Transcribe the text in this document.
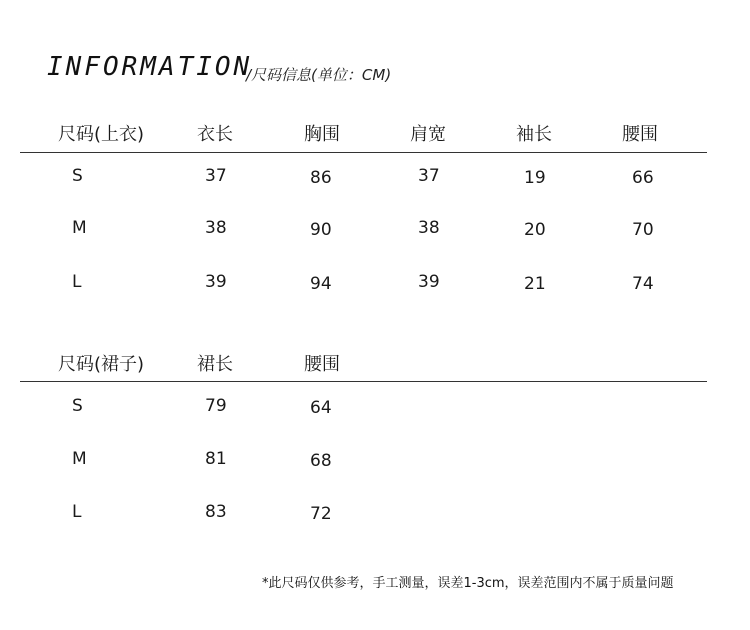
INFORMATION
/尺码信息(单位：CM)
尺码(上衣)	衣长	胸围	肩宽	袖长	腰围
S	37	86	37	19	66
M	38	90	38	20	70
L	39	94	39	21	74
尺码(裙子)	裙长	腰围
S	79	64
M	81	68
L	83	72
*此尺码仅供参考，手工测量，误差1-3cm，误差范围内不属于质量问题
